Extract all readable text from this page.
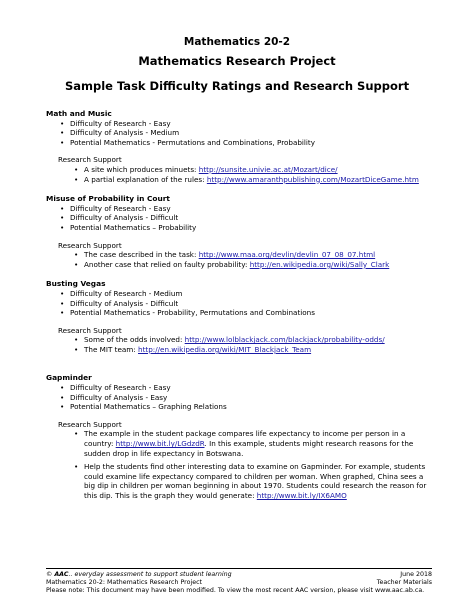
Mathematics 20-2
Mathematics Research Project
Sample Task Difficulty Ratings and Research Support
Math and Music
• Difficulty of Research - Easy
• Difficulty of Analysis - Medium
• Potential Mathematics - Permutations and Combinations, Probability
Research Support
• A site which produces minuets: http://sunsite.univie.ac.at/Mozart/dice/
• A partial explanation of the rules: http://www.amaranthpublishing.com/MozartDiceGame.htm
Misuse of Probability in Court
• Difficulty of Research - Easy
• Difficulty of Analysis - Difficult
• Potential Mathematics – Probability
Research Support
• The case described in the task: http://www.maa.org/devlin/devlin_07_08_07.html
• Another case that relied on faulty probability: http://en.wikipedia.org/wiki/Sally_Clark
Busting Vegas
• Difficulty of Research - Medium
• Difficulty of Analysis - Difficult
• Potential Mathematics - Probability, Permutations and Combinations
Research Support
• Some of the odds involved: http://www.lolblackjack.com/blackjack/probability-odds/
• The MIT team: http://en.wikipedia.org/wiki/MIT_Blackjack_Team
Gapminder
• Difficulty of Research - Easy
• Difficulty of Analysis - Easy
• Potential Mathematics – Graphing Relations
Research Support
• The example in the student package compares life expectancy to income per person in a country: http://www.bit.ly/LGdzdR. In this example, students might research reasons for the sudden drop in life expectancy in Botswana.
• Help the students find other interesting data to examine on Gapminder. For example, students could examine life expectancy compared to children per woman. When graphed, China sees a big dip in children per woman beginning in about 1970. Students could research the reason for this dip. This is the graph they would generate: http://www.bit.ly/IX6AMO
© AAC.. everyday assessment to support student learning
Mathematics 20-2: Mathematics Research Project
Please note: This document may have been modified. To view the most recent AAC version, please visit www.aac.ab.ca.
June 2018
Teacher Materials
